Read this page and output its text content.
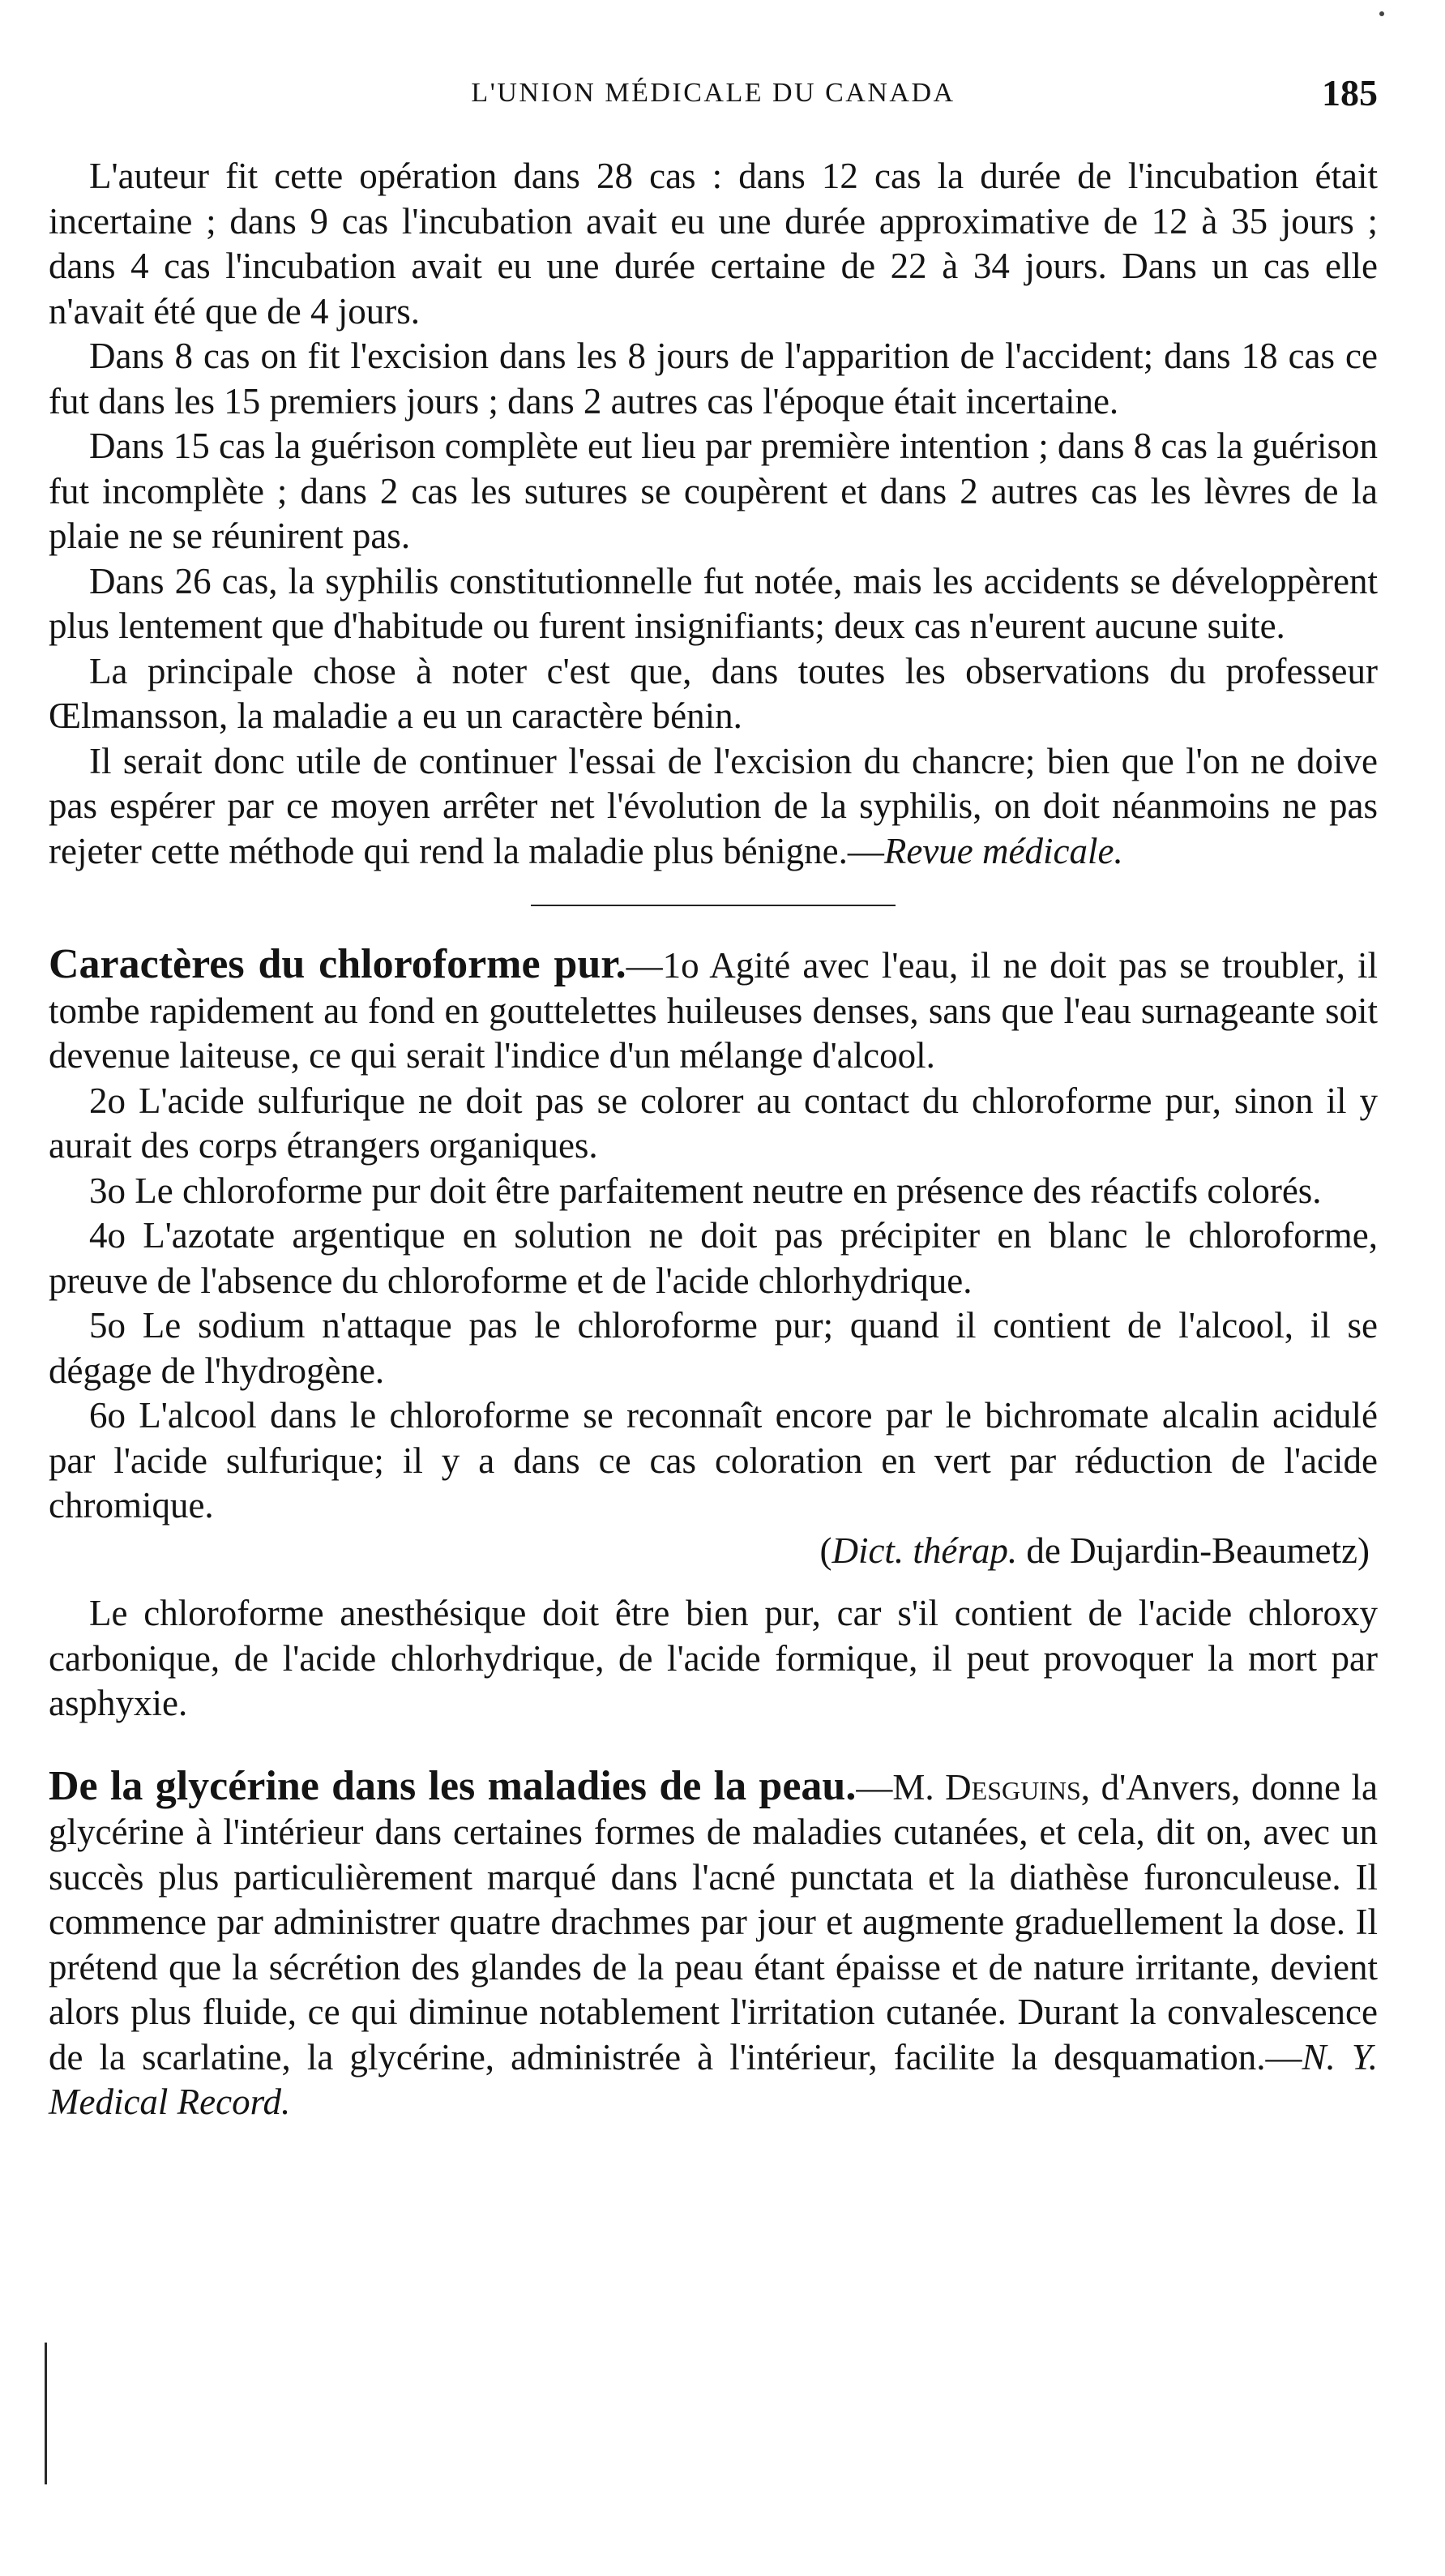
L'UNION MÉDICALE DU CANADA	185

L'auteur fit cette opération dans 28 cas : dans 12 cas la durée de l'incubation était incertaine ; dans 9 cas l'incubation avait eu une durée approximative de 12 à 35 jours ; dans 4 cas l'incubation avait eu une durée certaine de 22 à 34 jours. Dans un cas elle n'avait été que de 4 jours.

Dans 8 cas on fit l'excision dans les 8 jours de l'apparition de l'accident; dans 18 cas ce fut dans les 15 premiers jours ; dans 2 autres cas l'époque était incertaine.

Dans 15 cas la guérison complète eut lieu par première intention ; dans 8 cas la guérison fut incomplète ; dans 2 cas les sutures se coupèrent et dans 2 autres cas les lèvres de la plaie ne se réunirent pas.

Dans 26 cas, la syphilis constitutionnelle fut notée, mais les accidents se développèrent plus lentement que d'habitude ou furent insignifiants; deux cas n'eurent aucune suite.

La principale chose à noter c'est que, dans toutes les observations du professeur Œlmansson, la maladie a eu un caractère bénin.

Il serait donc utile de continuer l'essai de l'excision du chancre; bien que l'on ne doive pas espérer par ce moyen arrêter net l'évolution de la syphilis, on doit néanmoins ne pas rejeter cette méthode qui rend la maladie plus bénigne.—Revue médicale.

Caractères du chloroforme pur.—1o Agité avec l'eau, il ne doit pas se troubler, il tombe rapidement au fond en gouttelettes huileuses denses, sans que l'eau surnageante soit devenue laiteuse, ce qui serait l'indice d'un mélange d'alcool.

2o L'acide sulfurique ne doit pas se colorer au contact du chloroforme pur, sinon il y aurait des corps étrangers organiques.

3o Le chloroforme pur doit être parfaitement neutre en présence des réactifs colorés.

4o L'azotate argentique en solution ne doit pas précipiter en blanc le chloroforme, preuve de l'absence du chloroforme et de l'acide chlorhydrique.

5o Le sodium n'attaque pas le chloroforme pur; quand il contient de l'alcool, il se dégage de l'hydrogène.

6o L'alcool dans le chloroforme se reconnaît encore par le bichromate alcalin acidulé par l'acide sulfurique; il y a dans ce cas coloration en vert par réduction de l'acide chromique.

(Dict. thérap. de Dujardin-Beaumetz)

Le chloroforme anesthésique doit être bien pur, car s'il contient de l'acide chloroxy carbonique, de l'acide chlorhydrique, de l'acide formique, il peut provoquer la mort par asphyxie.

De la glycérine dans les maladies de la peau.—M. Desguins, d'Anvers, donne la glycérine à l'intérieur dans certaines formes de maladies cutanées, et cela, dit on, avec un succès plus particulièrement marqué dans l'acné punctata et la diathèse furonculeuse. Il commence par administrer quatre drachmes par jour et augmente graduellement la dose. Il prétend que la sécrétion des glandes de la peau étant épaisse et de nature irritante, devient alors plus fluide, ce qui diminue notablement l'irritation cutanée. Durant la convalescence de la scarlatine, la glycérine, administrée à l'intérieur, facilite la desquamation.—N. Y. Medical Record.
